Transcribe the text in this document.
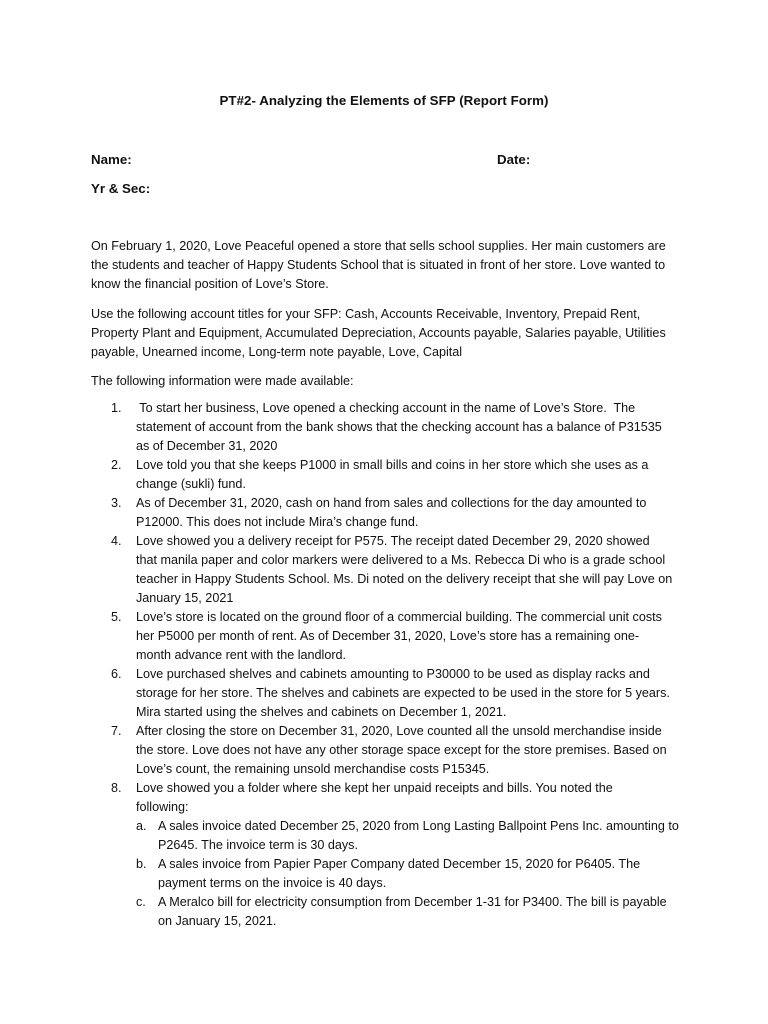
PT#2- Analyzing the Elements of SFP (Report Form)
Name:	Date:
Yr & Sec:

On February 1, 2020, Love Peaceful opened a store that sells school supplies. Her main customers are
the students and teacher of Happy Students School that is situated in front of her store. Love wanted to
know the financial position of Love’s Store.

Use the following account titles for your SFP: Cash, Accounts Receivable, Inventory, Prepaid Rent,
Property Plant and Equipment, Accumulated Depreciation, Accounts payable, Salaries payable, Utilities
payable, Unearned income, Long-term note payable, Love, Capital

The following information were made available:

1. To start her business, Love opened a checking account in the name of Love’s Store.  The
statement of account from the bank shows that the checking account has a balance of P31535
as of December 31, 2020
2. Love told you that she keeps P1000 in small bills and coins in her store which she uses as a
change (sukli) fund.
3. As of December 31, 2020, cash on hand from sales and collections for the day amounted to
P12000. This does not include Mira’s change fund.
4. Love showed you a delivery receipt for P575. The receipt dated December 29, 2020 showed
that manila paper and color markers were delivered to a Ms. Rebecca Di who is a grade school
teacher in Happy Students School. Ms. Di noted on the delivery receipt that she will pay Love on
January 15, 2021
5. Love’s store is located on the ground floor of a commercial building. The commercial unit costs
her P5000 per month of rent. As of December 31, 2020, Love’s store has a remaining one-
month advance rent with the landlord.
6. Love purchased shelves and cabinets amounting to P30000 to be used as display racks and
storage for her store. The shelves and cabinets are expected to be used in the store for 5 years.
Mira started using the shelves and cabinets on December 1, 2021.
7. After closing the store on December 31, 2020, Love counted all the unsold merchandise inside
the store. Love does not have any other storage space except for the store premises. Based on
Love’s count, the remaining unsold merchandise costs P15345.
8. Love showed you a folder where she kept her unpaid receipts and bills. You noted the
following:
a. A sales invoice dated December 25, 2020 from Long Lasting Ballpoint Pens Inc. amounting to
P2645. The invoice term is 30 days.
b. A sales invoice from Papier Paper Company dated December 15, 2020 for P6405. The
payment terms on the invoice is 40 days.
c. A Meralco bill for electricity consumption from December 1-31 for P3400. The bill is payable
on January 15, 2021.
